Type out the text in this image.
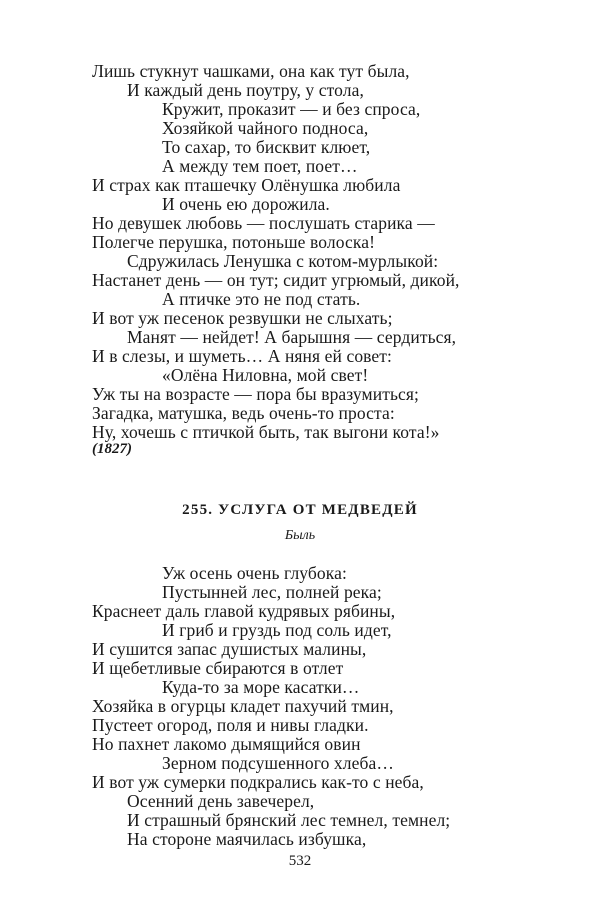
Лишь стукнут чашками, она как тут была,
И каждый день поутру, у стола,
Кружит, проказит — и без спроса,
Хозяйкой чайного подноса,
То сахар, то бисквит клюет,
А между тем поет, поет…
И страх как пташечку Олёнушка любила
И очень ею дорожила.
Но девушек любовь — послушать старика —
Полегче перушка, потоньше волоска!
Сдружилась Ленушка с котом-мурлыкой:
Настанет день — он тут; сидит угрюмый, дикой,
А птичке это не под стать.
И вот уж песенок резвушки не слыхать;
Манят — нейдет! А барышня — сердиться,
И в слезы, и шуметь… А няня ей совет:
«Олёна Ниловна, мой свет!
Уж ты на возрасте — пора бы вразумиться;
Загадка, матушка, ведь очень-то проста:
Ну, хочешь с птичкой быть, так выгони кота!»
(1827)
255. УСЛУГА ОТ МЕДВЕДЕЙ
Быль
Уж осень очень глубока:
Пустынней лес, полней река;
Краснеет даль главой кудрявых рябины,
И гриб и груздь под соль идет,
И сушится запас душистых малины,
И щебетливые сбираются в отлет
Куда-то за море касатки…
Хозяйка в огурцы кладет пахучий тмин,
Пустеет огород, поля и нивы гладки.
Но пахнет лакомо дымящийся овин
Зерном подсушенного хлеба…
И вот уж сумерки подкрались как-то с неба,
Осенний день завечерел,
И страшный брянский лес темнел, темнел;
На стороне маячилась избушка,
532
